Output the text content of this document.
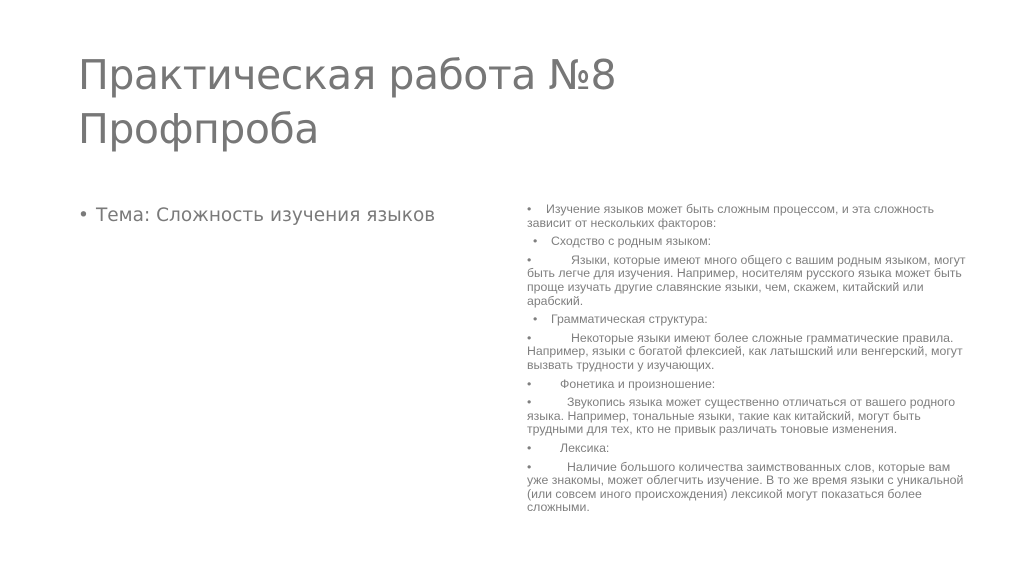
Практическая работа №8
Профпроба
• Тема: Сложность изучения языков	• Изучение языков может быть сложным процессом, и эта сложность зависит от нескольких факторов:
• Сходство с родным языком:
•	Языки, которые имеют много общего с вашим родным языком, могут быть легче для изучения. Например, носителям русского языка может быть проще изучать другие славянские языки, чем, скажем, китайский или арабский.
• Грамматическая структура:
•	Некоторые языки имеют более сложные грамматические правила. Например, языки с богатой флексией, как латышский или венгерский, могут вызвать трудности у изучающих.
• Фонетика и произношение:
•	Звукопись языка может существенно отличаться от вашего родного языка. Например, тональные языки, такие как китайский, могут быть трудными для тех, кто не привык различать тоновые изменения.
• Лексика:
•	Наличие большого количества заимствованных слов, которые вам уже знакомы, может облегчить изучение. В то же время языки с уникальной (или совсем иного происхождения) лексикой могут показаться более сложными.
